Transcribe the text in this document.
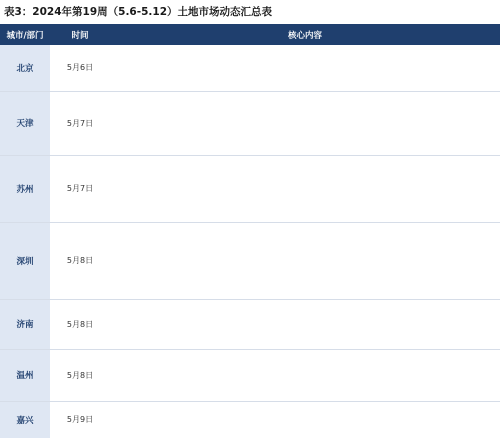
表3：2024年第19周（5.6-5.12）土地市场动态汇总表
城市/部门	时间	核心内容
北京	5月6日	
天津	5月7日	
苏州	5月7日	
深圳	5月8日	
济南	5月8日	
温州	5月8日	
嘉兴	5月9日	
